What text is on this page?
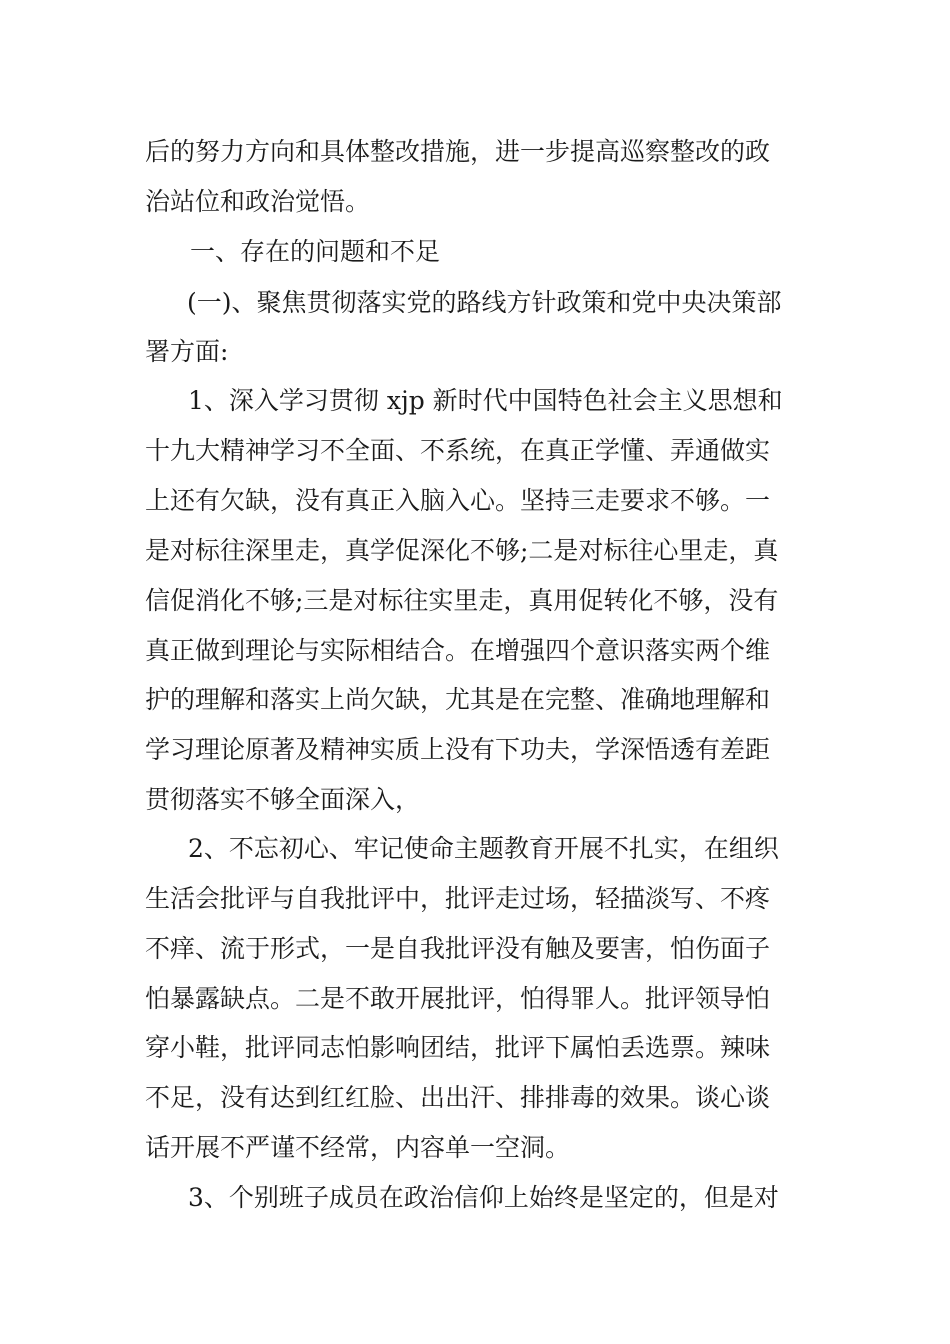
后的努力方向和具体整改措施，进一步提高巡察整改的政
治站位和政治觉悟。
一、存在的问题和不足
(一)、聚焦贯彻落实党的路线方针政策和党中央决策部
署方面:
1、深入学习贯彻 xjp 新时代中国特色社会主义思想和
十九大精神学习不全面、不系统，在真正学懂、弄通做实
上还有欠缺，没有真正入脑入心。坚持三走要求不够。一
是对标往深里走，真学促深化不够;二是对标往心里走，真
信促消化不够;三是对标往实里走，真用促转化不够，没有
真正做到理论与实际相结合。在增强四个意识落实两个维
护的理解和落实上尚欠缺，尤其是在完整、准确地理解和
学习理论原著及精神实质上没有下功夫，学深悟透有差距
贯彻落实不够全面深入，
2、不忘初心、牢记使命主题教育开展不扎实，在组织
生活会批评与自我批评中，批评走过场，轻描淡写、不疼
不痒、流于形式，一是自我批评没有触及要害，怕伤面子
怕暴露缺点。二是不敢开展批评，怕得罪人。批评领导怕
穿小鞋，批评同志怕影响团结，批评下属怕丢选票。辣味
不足，没有达到红红脸、出出汗、排排毒的效果。谈心谈
话开展不严谨不经常，内容单一空洞。
3、个别班子成员在政治信仰上始终是坚定的，但是对
